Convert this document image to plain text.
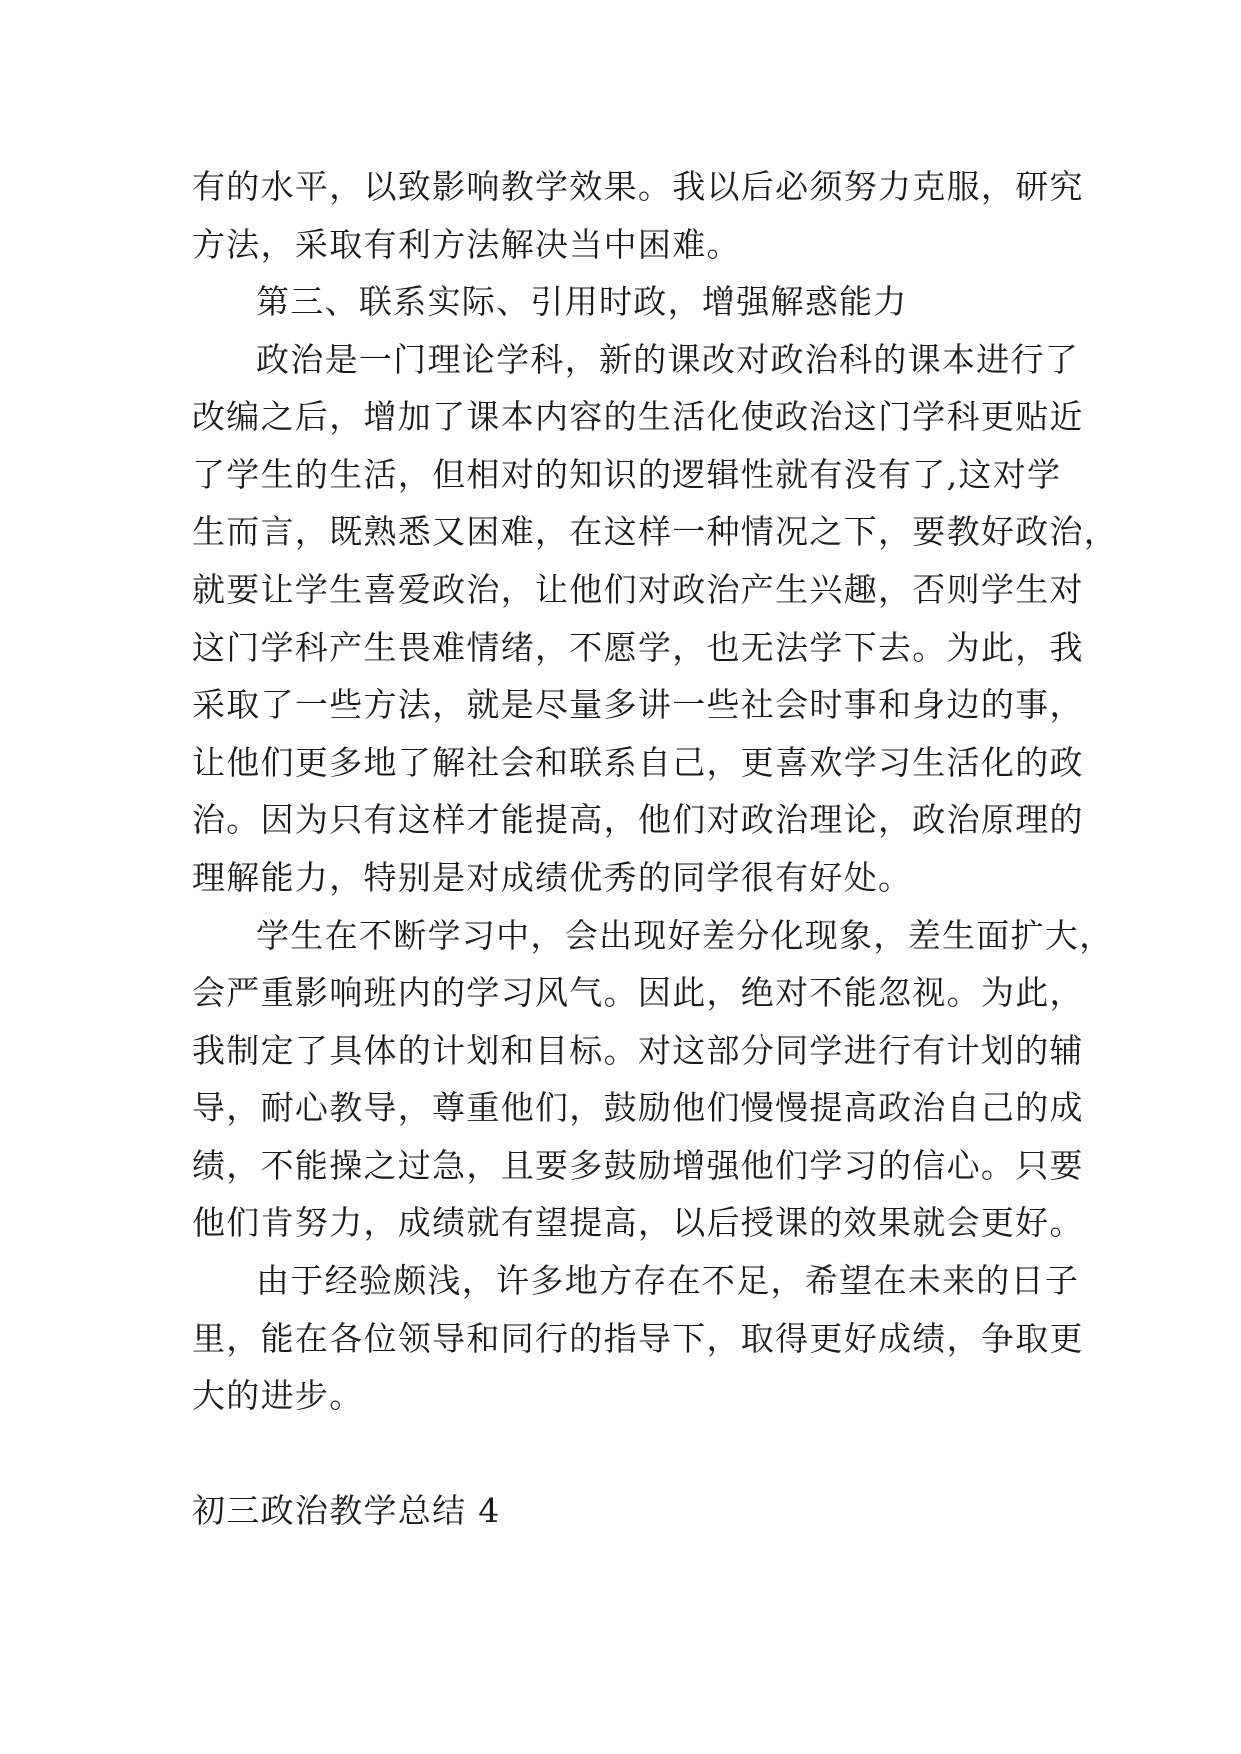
有的水平，以致影响教学效果。我以后必须努力克服，研究
方法，采取有利方法解决当中困难。
第三、联系实际、引用时政，增强解惑能力
政治是一门理论学科，新的课改对政治科的课本进行了
改编之后，增加了课本内容的生活化使政治这门学科更贴近
了学生的生活，但相对的知识的逻辑性就有没有了,这对学
生而言，既熟悉又困难，在这样一种情况之下，要教好政治，
就要让学生喜爱政治，让他们对政治产生兴趣，否则学生对
这门学科产生畏难情绪，不愿学，也无法学下去。为此，我
采取了一些方法，就是尽量多讲一些社会时事和身边的事，
让他们更多地了解社会和联系自己，更喜欢学习生活化的政
治。因为只有这样才能提高，他们对政治理论，政治原理的
理解能力，特别是对成绩优秀的同学很有好处。
学生在不断学习中，会出现好差分化现象，差生面扩大，
会严重影响班内的学习风气。因此，绝对不能忽视。为此，
我制定了具体的计划和目标。对这部分同学进行有计划的辅
导，耐心教导，尊重他们，鼓励他们慢慢提高政治自己的成
绩，不能操之过急，且要多鼓励增强他们学习的信心。只要
他们肯努力，成绩就有望提高，以后授课的效果就会更好。
由于经验颇浅，许多地方存在不足，希望在未来的日子
里，能在各位领导和同行的指导下，取得更好成绩，争取更
大的进步。
初三政治教学总结 4
